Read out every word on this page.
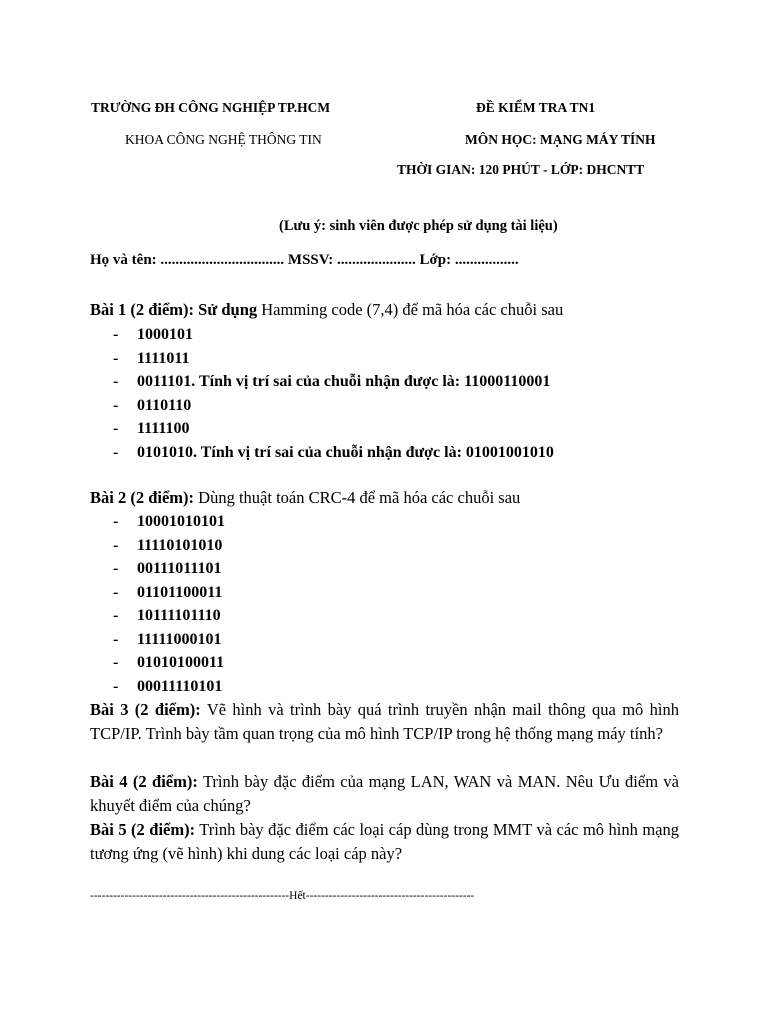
TRƯỜNG ĐH CÔNG NGHIỆP TP.HCM	ĐỀ KIỂM TRA TN1
KHOA CÔNG NGHỆ THÔNG TIN	MÔN HỌC: MẠNG MÁY TÍNH
THỜI GIAN: 120 PHÚT - LỚP: DHCNTT
(Lưu ý: sinh viên được phép sử dụng tài liệu)
Họ và tên: ................................. MSSV: ..................... Lớp: .................
Bài 1 (2 điểm): Sử dụng Hamming code (7,4) để mã hóa các chuỗi sau
- 1000101
- 1111011
- 0011101. Tính vị trí sai của chuỗi nhận được là: 11000110001
- 0110110
- 1111100
- 0101010. Tính vị trí sai của chuỗi nhận được là: 01001001010
Bài 2 (2 điểm): Dùng thuật toán CRC-4 để mã hóa các chuỗi sau
- 10001010101
- 11110101010
- 00111011101
- 01101100011
- 10111101110
- 11111000101
- 01010100011
- 00011110101

Bài 3 (2 điểm): Vẽ hình và trình bày quá trình truyền nhận mail thông qua mô hình TCP/IP. Trình bày tầm quan trọng của mô hình TCP/IP trong hệ thống mạng máy tính?

Bài 4 (2 điểm): Trình bày đặc điểm của mạng LAN, WAN và MAN. Nêu Ưu điểm và khuyết điểm của chúng?

Bài 5 (2 điểm): Trình bày đặc điểm các loại cáp dùng trong MMT và các mô hình mạng tương ứng (vẽ hình) khi dung các loại cáp này?

----------------------------------------------------Hết--------------------------------------------
